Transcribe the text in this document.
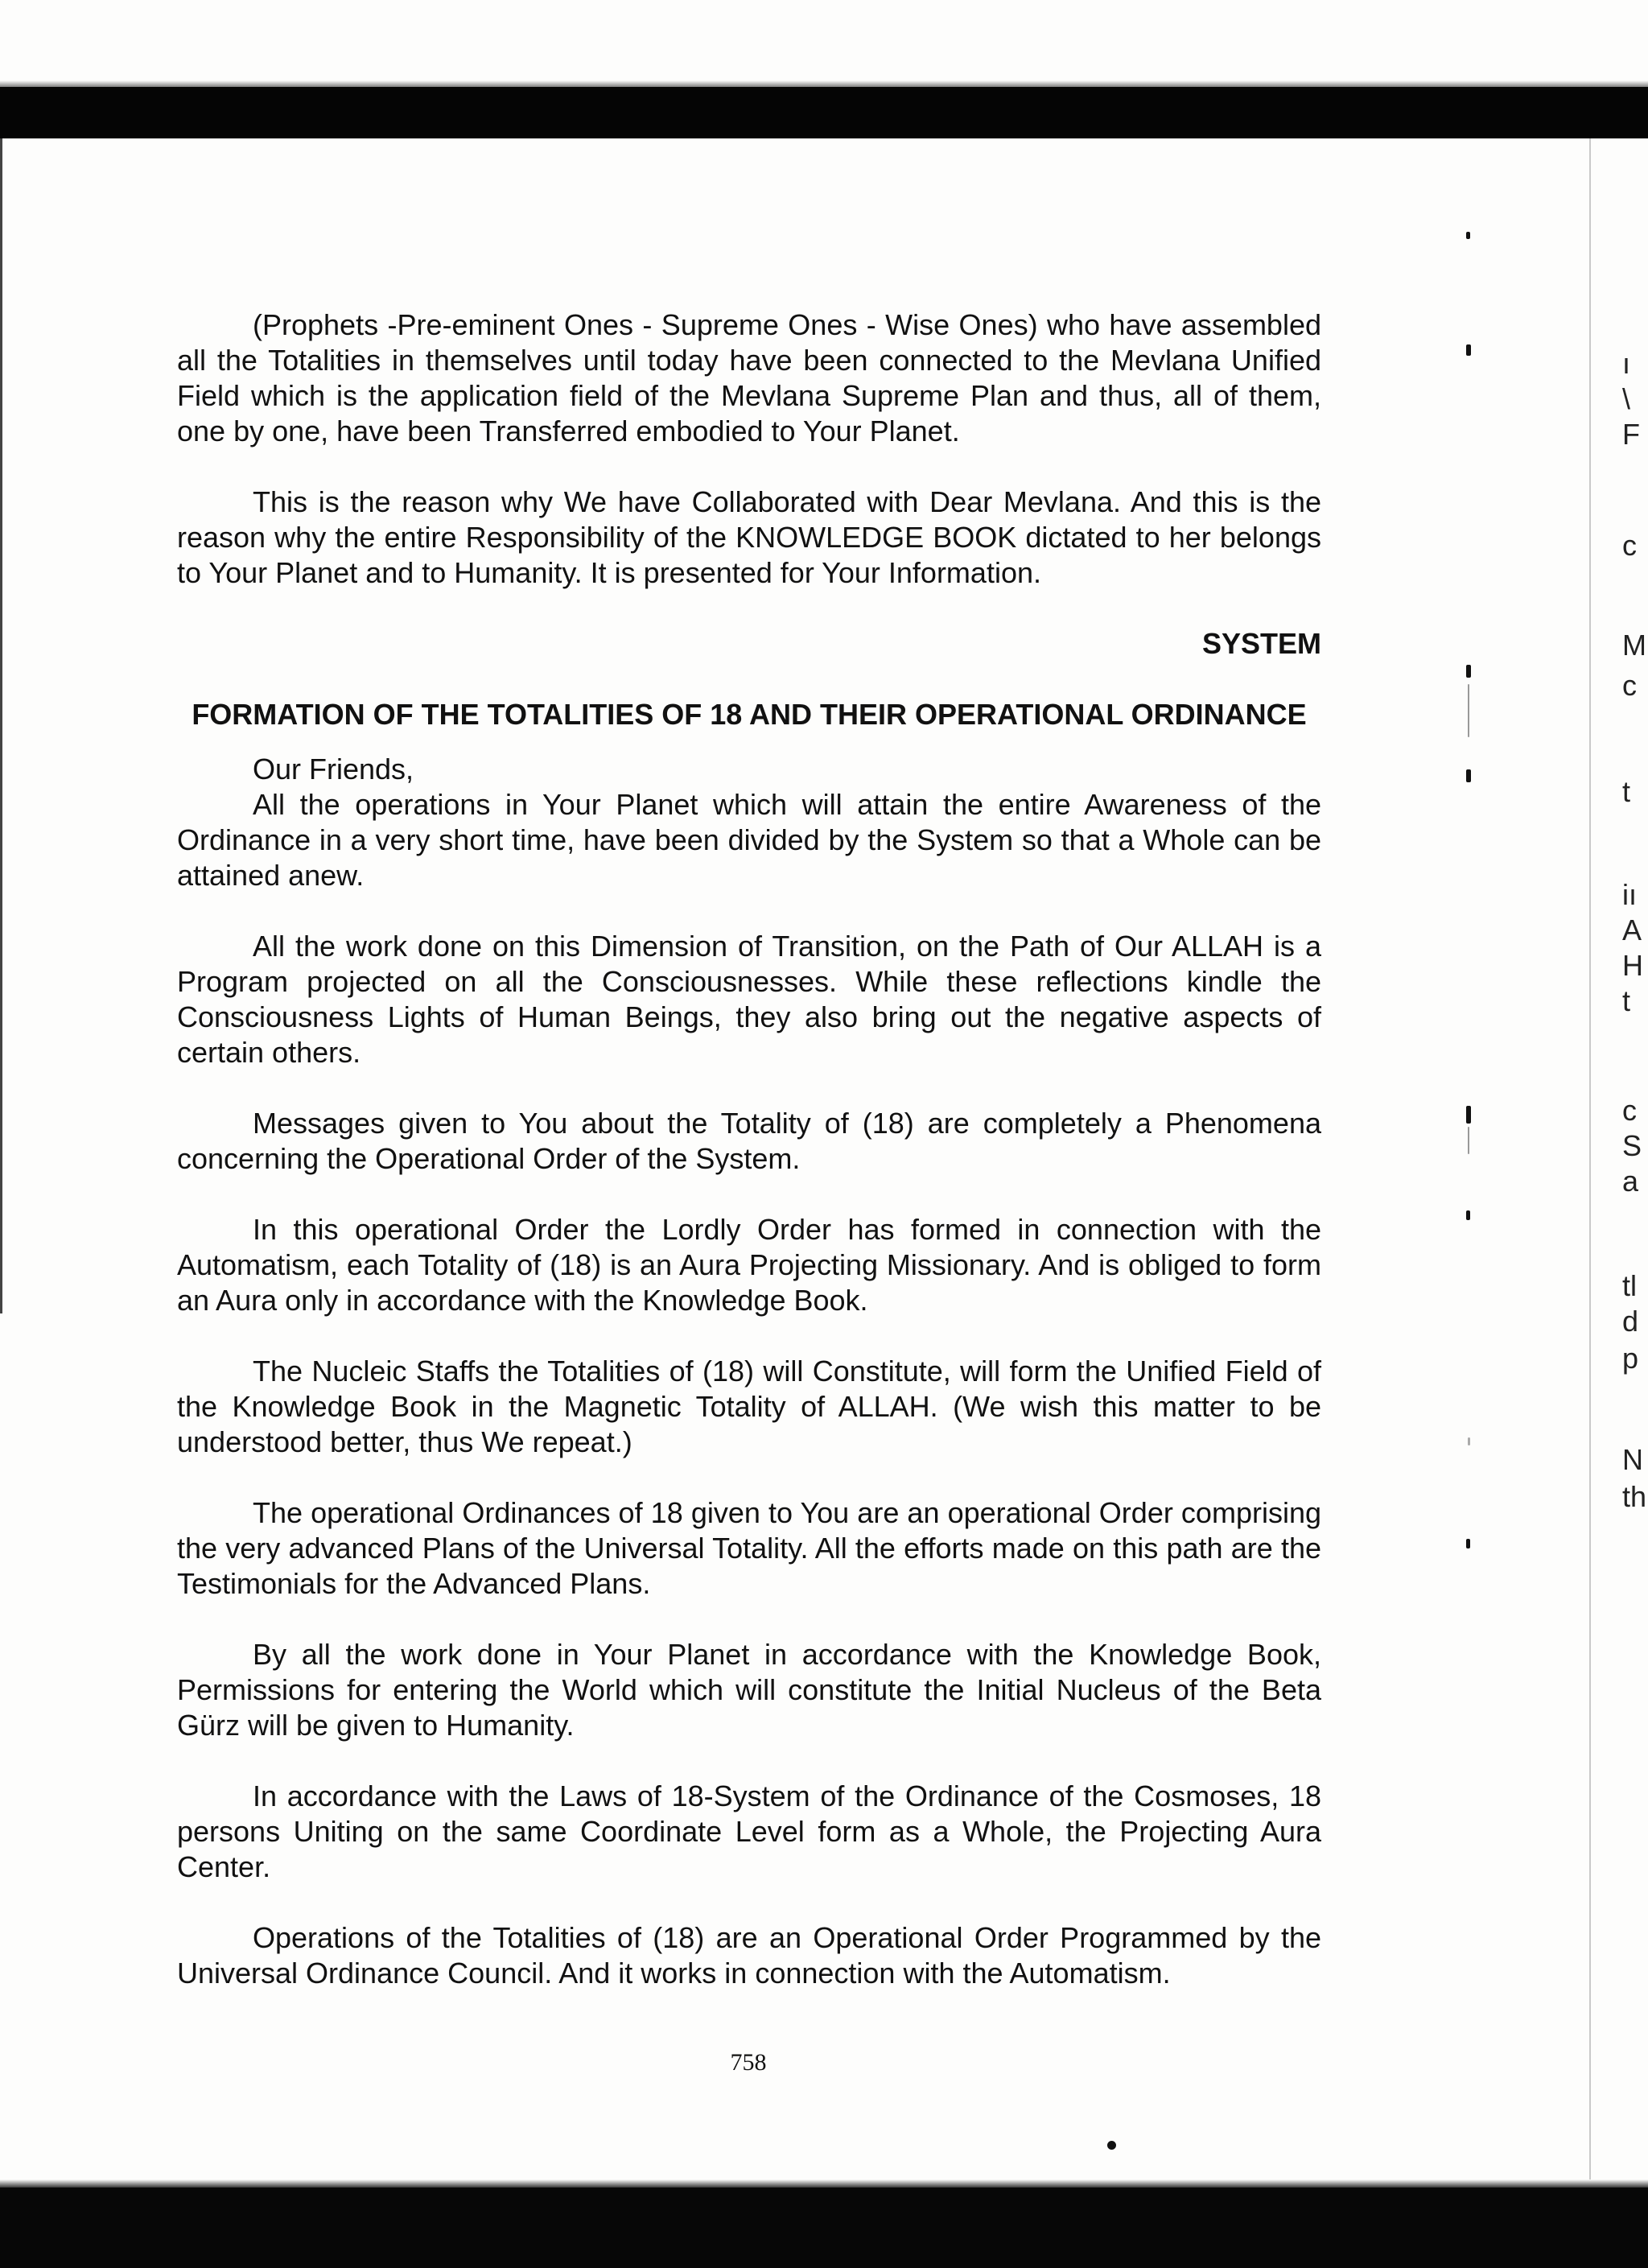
(Prophets -Pre-eminent Ones - Supreme Ones - Wise Ones) who have assembled all the Totalities in themselves until today have been connected to the Mevlana Unified Field which is the application field of the Mevlana Supreme Plan and thus, all of them, one by one, have been Transferred embodied to Your Planet.

This is the reason why We have Collaborated with Dear Mevlana. And this is the reason why the entire Responsibility of the KNOWLEDGE BOOK dictated to her belongs to Your Planet and to Humanity. It is presented for Your Information.

SYSTEM
FORMATION OF THE TOTALITIES OF 18 AND THEIR OPERATIONAL ORDINANCE

Our Friends,

All the operations in Your Planet which will attain the entire Awareness of the Ordinance in a very short time, have been divided by the System so that a Whole can be attained anew.

All the work done on this Dimension of Transition, on the Path of Our ALLAH is a Program projected on all the Consciousnesses. While these reflections kindle the Consciousness Lights of Human Beings, they also bring out the negative aspects of certain others.

Messages given to You about the Totality of (18) are completely a Phenomena concerning the Operational Order of the System.

In this operational Order the Lordly Order has formed in connection with the Automatism, each Totality of (18) is an Aura Projecting Missionary. And is obliged to form an Aura only in accordance with the Knowledge Book.

The Nucleic Staffs the Totalities of (18) will Constitute, will form the Unified Field of the Knowledge Book in the Magnetic Totality of ALLAH. (We wish this matter to be understood better, thus We repeat.)

The operational Ordinances of 18 given to You are an operational Order comprising the very advanced Plans of the Universal Totality. All the efforts made on this path are the Testimonials for the Advanced Plans.

By all the work done in Your Planet in accordance with the Knowledge Book, Permissions for entering the World which will constitute the Initial Nucleus of the Beta Gürz will be given to Humanity.

In accordance with the Laws of 18-System of the Ordinance of the Cosmoses, 18 persons Uniting on the same Coordinate Level form as a Whole, the Projecting Aura Center.

Operations of the Totalities of (18) are an Operational Order Programmed by the Universal Ordinance Council. And it works in connection with the Automatism.

758
ı
\
F
c
M
c
t
iı
A
H
t
c
S
a
tl
d
p
N
th
